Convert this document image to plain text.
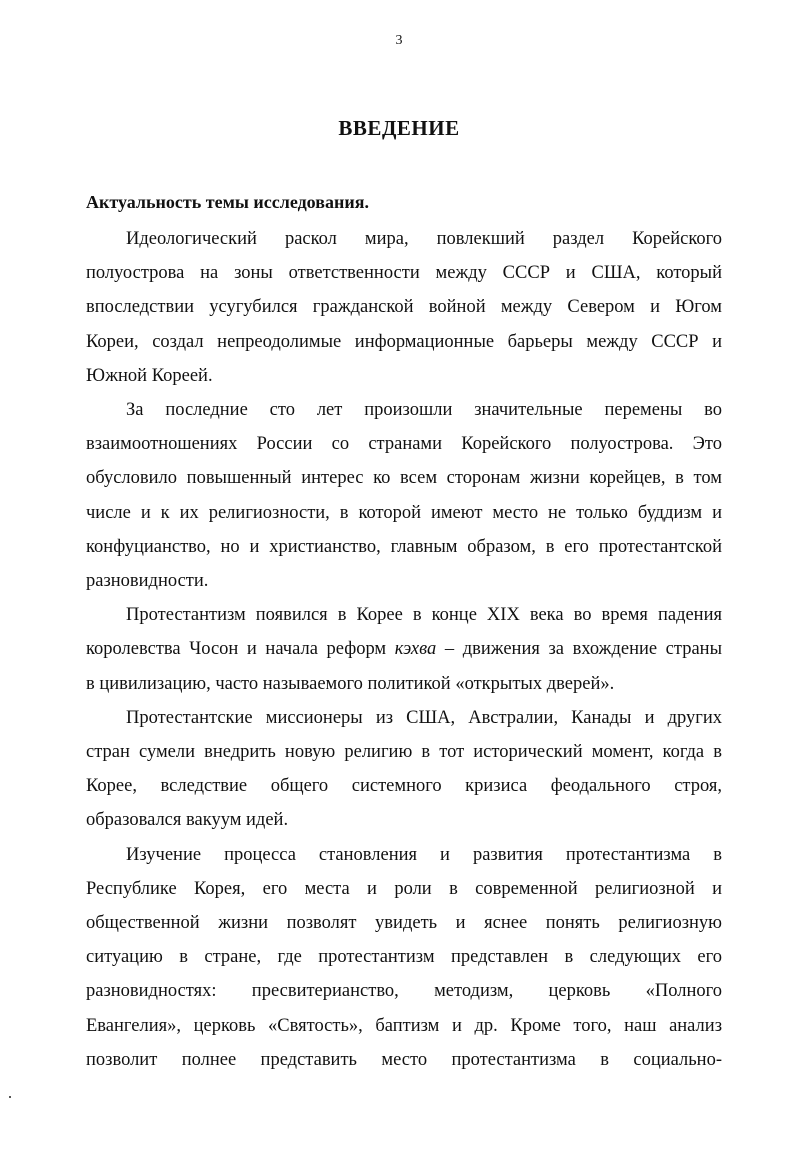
3
ВВЕДЕНИЕ
Актуальность темы исследования.
Идеологический раскол мира, повлекший раздел Корейского
полуострова на зоны ответственности между СССР и США, который
впоследствии усугубился гражданской войной между Севером и Югом
Кореи, создал непреодолимые информационные барьеры между СССР и
Южной Кореей.
За последние сто лет произошли значительные перемены во
взаимоотношениях России со странами Корейского полуострова. Это
обусловило повышенный интерес ко всем сторонам жизни корейцев, в том
числе и к их религиозности, в которой имеют место не только буддизм и
конфуцианство, но и христианство, главным образом, в его протестантской
разновидности.
Протестантизм появился в Корее в конце XIX века во время падения
королевства Чосон и начала реформ кэхва – движения за вхождение страны
в цивилизацию, часто называемого политикой «открытых дверей».
Протестантские миссионеры из США, Австралии, Канады и других
стран сумели внедрить новую религию в тот исторический момент, когда в
Корее, вследствие общего системного кризиса феодального строя,
образовался вакуум идей.
Изучение процесса становления и развития протестантизма в
Республике Корея, его места и роли в современной религиозной и
общественной жизни позволят увидеть и яснее понять религиозную
ситуацию в стране, где протестантизм представлен в следующих его
разновидностях: пресвитерианство, методизм, церковь «Полного
Евангелия», церковь «Святость», баптизм и др. Кроме того, наш анализ
позволит полнее представить место протестантизма в социально-
